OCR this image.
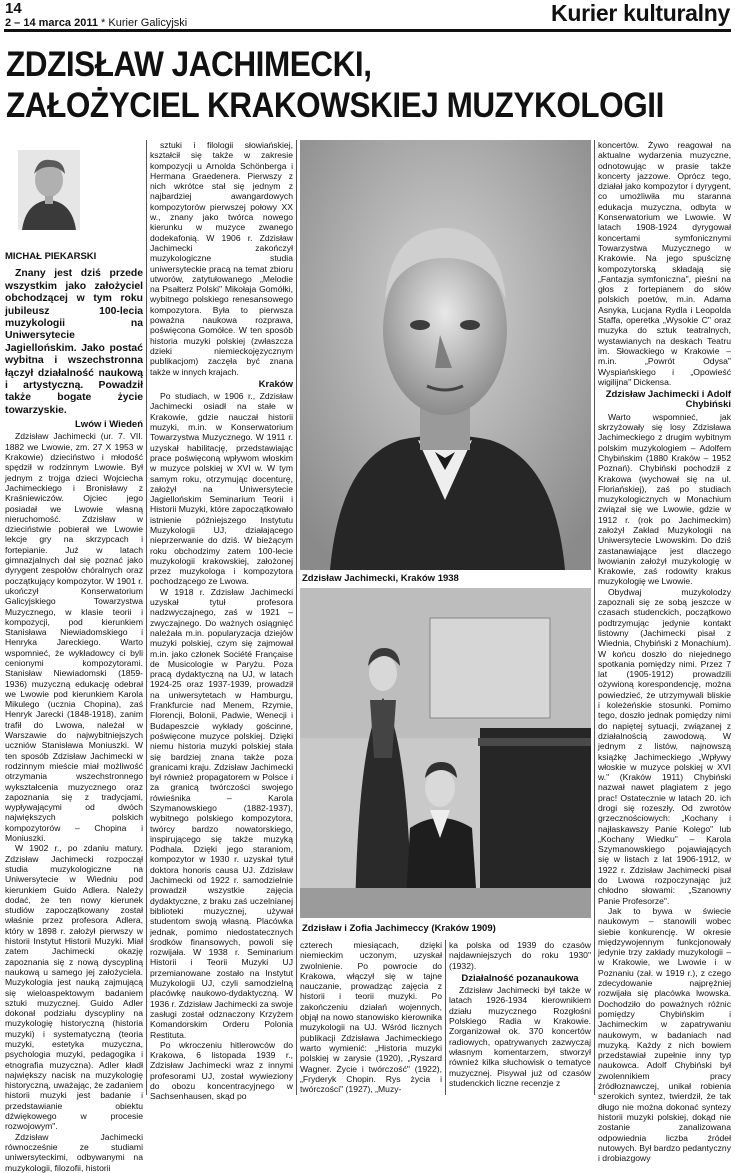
14
2 – 14 marca 2011 * Kurier Galicyjski	Kurier kulturalny
ZDZISŁAW JACHIMECKI,
ZAŁOŻYCIEL KRAKOWSKIEJ MUZYKOLOGII

MICHAŁ PIEKARSKI

Znany jest dziś przede wszystkim jako założyciel obchodzącej w tym roku jubileusz 100-lecia muzykologii na Uniwersytecie Jagiellońskim. Jako postać wybitna i wszechstronna łączył działalność naukową i artystyczną. Powadził także bogate życie towarzyskie.

Lwów i Wiedeń

Zdzisław Jachimecki (ur. 7. VII. 1882 we Lwowie, zm. 27 X 1953 w Krakowie) dzieciństwo i młodość spędził w rodzinnym Lwowie. Był jednym z trojga dzieci Wojciecha Jachimeckiego i Bronisławy z Kraśniewiczów. Ojciec jego posiadał we Lwowie własną nieruchomość. Zdzisław w dzieciństwie pobierał we Lwowie lekcje gry na skrzypcach i fortepianie. Już w latach gimnazjalnych dał się poznać jako dyrygent zespołów chóralnych oraz początkujący kompozytor. W 1901 r. ukończył Konserwatorium Galicyjskiego Towarzystwa Muzycznego, w klasie teorii i kompozycji, pod kierunkiem Stanisława Niewiadomskiego i Henryka Jareckiego. Warto wspomnieć, że wykładowcy ci byli cenionymi kompozytorami. Stanisław Niewiadomski (1859-1936) muzyczną edukację odebrał we Lwowie pod kierunkiem Karola Mikulego (ucznia Chopina), zaś Henryk Jarecki (1848-1918), zanim trafił do Lwowa, należał w Warszawie do najwybitniejszych uczniów Stanisława Moniuszki. W ten sposób Zdzisław Jachimecki w rodzinnym mieście miał możliwość otrzymania wszechstronnego wykształcenia muzycznego oraz zapoznania się z tradycjami, wypływającymi od dwóch największych polskich kompozytorów – Chopina i Moniuszki.

W 1902 r., po zdaniu matury, Zdzisław Jachimecki rozpoczął studia muzykologiczne na Uniwersytecie w Wiedniu pod kierunkiem Guido Adlera. Należy dodać, że ten nowy kierunek studiów zapoczątkowany został właśnie przez profesora Adlera, który w 1898 r. założył pierwszy w historii Instytut Historii Muzyki. Miał zatem Jachimecki okazję zapoznania się z nową dyscypliną naukową u samego jej założyciela. Muzykologia jest nauką zajmującą się wieloaspektowym badaniem sztuki muzycznej. Guido Adler dokonał podziału dyscypliny na muzykologię historyczną (historia muzyki) i systematyczną (teoria muzyki, estetyka muzyczna, psychologia muzyki, pedagogika i etnografia muzyczna). Adler kładł największy nacisk na muzykologię historyczną, uważając, że zadaniem historii muzyki jest badanie i przedstawianie obiektu dźwiękowego w procesie rozwojowym".

Zdzisław Jachimecki równocześnie ze studiami uniwersyteckimi, odbywanymi na muzykologii, filozofii, historii

sztuki i filologii słowiańskiej, kształcił się także w zakresie kompozycji u Arnolda Schönberga i Hermana Graedenera. Pierwszy z nich wkrótce stał się jednym z najbardziej awangardowych kompozytorów pierwszej połowy XX w., znany jako twórca nowego kierunku w muzyce zwanego dodekafonią. W 1906 r. Zdzisław Jachimecki zakończył muzykologiczne studia uniwersyteckie pracą na temat zbioru utworów, zatytułowanego „Melodie na Psałterz Polski" Mikołaja Gomółki, wybitnego polskiego renesansowego kompozytora. Była to pierwsza poważna naukowa rozprawa, poświęcona Gomółce. W ten sposób historia muzyki polskiej (zwłaszcza dzieki niemieckojęzycznym publikacjom) zaczęła być znana także w innych krajach.

Kraków

Po studiach, w 1906 r., Zdzisław Jachimecki osiadł na stałe w Krakowie, gdzie nauczał historii muzyki, m.in. w Konserwatorium Towarzystwa Muzycznego. W 1911 r. uzyskał habilitację, przedstawiając prace poświęconą wpływom włoskim w muzyce polskiej w XVI w. W tym samym roku, otrzymując docenturę, założył na Uniwersytecie Jagiellońskim Seminarium Teorii i Historii Muzyki, które zapoczątkowało istnienie późniejszego Instytutu Muzykologii UJ, działającego nieprzerwanie do dziś. W bieżącym roku obchodzimy zatem 100-lecie muzykologii krakowskiej, założonej przez muzykologa i kompozytora pochodzącego ze Lwowa.

W 1918 r. Zdzisław Jachimecki uzyskał tytuł profesora nadzwyczajnego, zaś w 1921 – zwyczajnego. Do ważnych osiągnięć należała m.in. popularyzacja dziejów muzyki polskiej, czym się zajmował m.in. jako członek Société Française de Musicologie w Paryżu. Poza pracą dydaktyczną na UJ, w latach 1924-25 oraz 1937-1939, prowadził na uniwersytetach w Hamburgu, Frankfurcie nad Menem, Rzymie, Florencji, Bolonii, Padwie, Wenecji i Budapeszcie wykłady gościnne, poświęcone muzyce polskiej. Dzięki niemu historia muzyki polskiej stała się bardziej znana także poza granicami kraju. Zdzisław Jachimecki był również propagatorem w Polsce i za granicą twórczości swojego rówieśnika – Karola Szymanowskiego (1882-1937), wybitnego polskiego kompozytora, twórcy bardzo nowatorskiego, inspirującego się także muzyką Podhala. Dzięki jego staraniom, kompozytor w 1930 r. uzyskał tytuł doktora honoris causa UJ. Zdzisław Jachimecki od 1922 r. samodzielnie prowadził wszystkie zajęcia dydaktyczne, z braku zaś uczelnianej biblioteki muzycznej, używał studentom swoją własną. Placówka jednak, pomimo niedostatecznych środków finansowych, powoli się rozwijała. W 1938 r. Seminarium Historii i Teorii Muzyki UJ przemianowane zostało na Instytut Muzykologii UJ, czyli samodzielną placówkę naukowo-dydaktyczną. W 1936 r. Zdzisław Jachimecki za swoje zasługi został odznaczony Krzyżem Komandorskim Orderu Polonia Restituta.

Po wkroczeniu hitlerowców do Krakowa, 6 listopada 1939 r., Zdzisław Jachimecki wraz z innymi profesorami UJ, został wywieziony do obozu koncentracyjnego w Sachsenhausen, skąd po

Zdzisław Jachimecki, Kraków 1938
Zdzisław i Zofia Jachimeccy (Kraków 1909)

czterech miesiącach, dzięki niemieckim uczonym, uzyskał zwolnienie. Po powrocie do Krakowa, włączył się w tajne nauczanie, prowadząc zajęcia z historii i teorii muzyki. Po zakończeniu działań wojennych, objął na nowo stanowisko kierownika muzykologii na UJ. Wśród licznych publikacji Zdzisława Jachimeckiego warto wymienić: „Historia muzyki polskiej w zarysie (1920), „Ryszard Wagner. Życie i twórczość" (1922), „Fryderyk Chopin. Rys życia i twórczości" (1927), „Muzy-

ka polska od 1939 do czasów najdawniejszych do roku 1930" (1932).

Działalność pozanaukowa

Zdzisław Jachimecki był także w latach 1926-1934 kierownikiem działu muzycznego Rozgłośni Polskiego Radia w Krakowie. Zorganizował ok. 370 koncertów radiowych, opatrywanych zazwyczaj własnym komentarzem, stworzył również kilka słuchowisk o tematyce muzycznej. Pisywał już od czasów studenckich liczne recenzje z

koncertów. Żywo reagował na aktualne wydarzenia muzyczne, odnotowując w prasie także koncerty jazzowe. Oprócz tego, działał jako kompozytor i dyrygent, co umożliwiła mu staranna edukacja muzyczna, odbyta w Konserwatorium we Lwowie. W latach 1908-1924 dyrygował koncertami symfonicznymi Towarzystwa Muzycznego w Krakowie. Na jego spuściznę kompozytorską składają się „Fantazja symfoniczna", pieśni na głos z fortepianem do słów polskich poetów, m.in. Adama Asnyka, Lucjana Rydla i Leopolda Staffa, operetka „Wysokie C" oraz muzyka do sztuk teatralnych, wystawianych na deskach Teatru im. Słowackiego w Krakowie – m.in. „Powrót Odysa" Wyspiańskiego i „Opowieść wigilijna" Dickensa.

Zdzisław Jachimecki i Adolf Chybiński

Warto wspomnieć, jak skrzyżowały się losy Zdzisława Jachimeckiego z drugim wybitnym polskim muzykologiem – Adolfem Chybińskim (1880 Kraków – 1952 Poznań). Chybiński pochodził z Krakowa (wychował się na ul. Floriańskiej), zaś po studiach muzykologicznych w Monachium związał się we Lwowie, gdzie w 1912 r. (rok po Jachimeckim) założył Zakład Muzykologii na Uniwersytecie Lwowskim. Do dziś zastanawiające jest dlaczego lwowianin założył muzykologię w Krakowie, zaś rodowity krakus muzykologię we Lwowie.

Obydwaj muzykolodzy zapoznali się ze sobą jeszcze w czasach studenckich, początkowo podtrzymując jedynie kontakt listowny (Jachimecki pisał z Wiednia, Chybiński z Monachium). W końcu doszło do niejednego spotkania pomiędzy nimi. Przez 7 lat (1905-1912) prowadzili ożywioną korespondencję, można powiedzieć, że utrzymywali bliskie i koleżeńskie stosunki. Pomimo tego, doszło jednak pomiędzy nimi do napiętej sytuacji, związanej z działalnością zawodową. W jednym z listów, najnowszą książkę Jachimeckiego „Wpływy włoskie w muzyce polskiej w XVI w." (Kraków 1911) Chybiński nazwał nawet plagiatem z jego prac! Ostatecznie w latach 20. ich drogi się rozeszły. Od zwrotów grzecznościowych: „Kochany i najłaskawszy Panie Kolego" lub „Kochany Wiedku" – Karola Szymanowskiego pojawiających się w listach z lat 1906-1912, w 1922 r. Zdzisław Jachimecki pisał do Lwowa rozpoczynając już chłodno słowami: „Szanowny Panie Profesorze".

Jak to bywa w świecie naukowym – stanowili wobec siebie konkurencję. W okresie międzywojennym funkcjonowały jedynie trzy zakłady muzykologii – w Krakowie, we Lwowie i w Poznaniu (zał. w 1919 r.), z czego zdecydowanie najprężniej rozwijała się placówka lwowska. Dochodziło do poważnych różnic pomiędzy Chybińskim i Jachimeckim w zapatrywaniu naukowym, w badaniach nad muzyką. Każdy z nich bowiem przedstawiał zupełnie inny typ naukowca. Adolf Chybiński był zwolennikiem pracy źródłoznawczej, unikał robienia szerokich syntez, twierdził, że tak długo nie można dokonać syntezy historii muzyki polskiej, dokąd nie zostanie zanalizowana odpowiednia liczba źródeł nutowych. Był bardzo pedantyczny i drobiazgowy
